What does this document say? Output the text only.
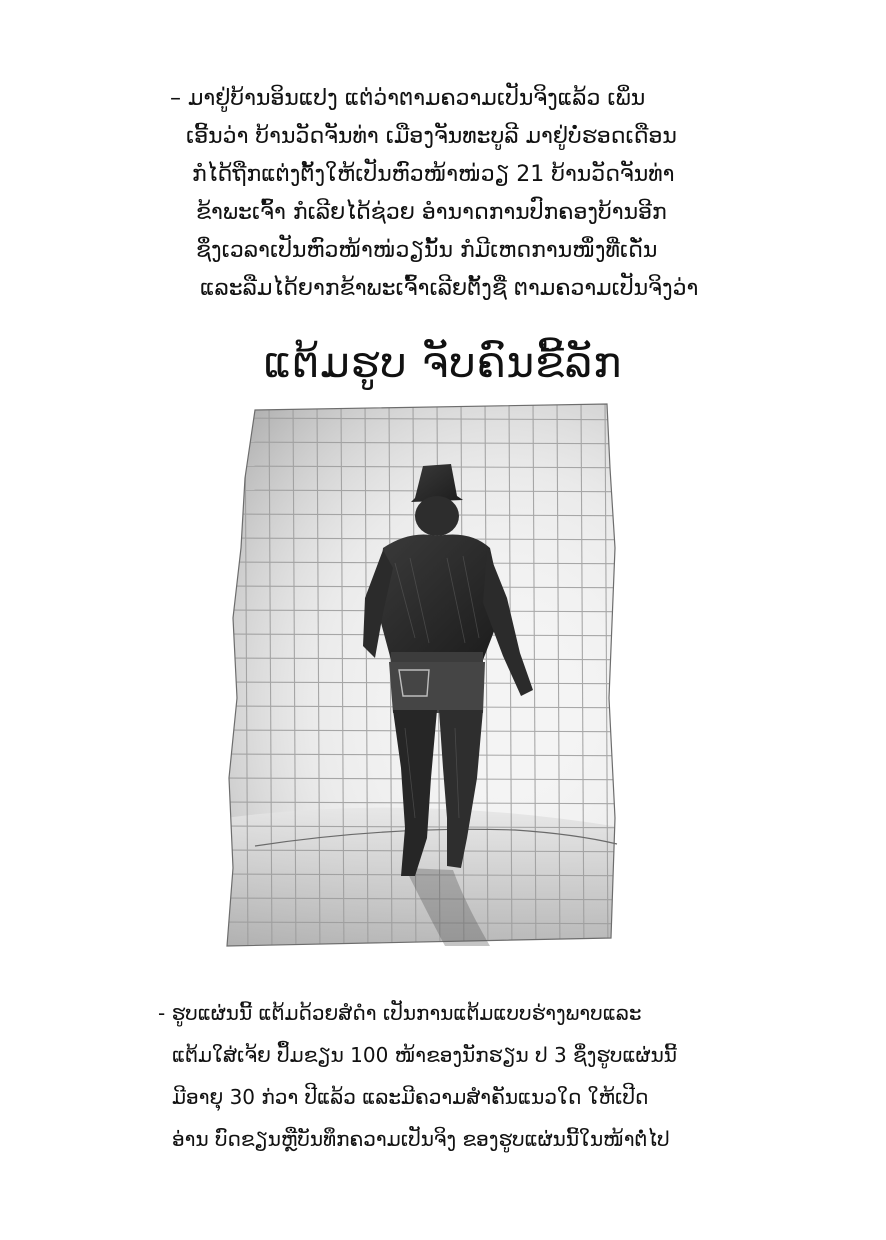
– ມາຢູ່ບ້ານອິນແປງ ແຕ່ວ່າຕາມຄວາມເປັນຈິງແລ້ວ ເພິ່ນ
ເອີ້ນວ່າ ບ້ານວັດຈັນທ່າ ເມືອງຈັນທະບູລີ ມາຢູ່ບໍ່ຮອດເດືອນ
ກໍໄດ້ຖືກແຕ່ງຕັ້ງໃຫ້ເປັນຫົວໜ້າໜ່ວຽ 21 ບ້ານວັດຈັນທ່າ
ຂ້າພະເຈົ້າ ກໍເລີຍໄດ້ຊ່ວຍ ອຳນາດການປົກຄອງບ້ານອີກ
ຊຶ່ງເວລາເປັນຫົວໜ້າໜ່ວຽນັ້ນ ກໍມີເຫດການໜຶ່ງທີ່ເດັ່ນ
ແລະລືມໄດ້ຍາກຂ້າພະເຈົ້າເລີຍຕັ້ງຊື່ ຕາມຄວາມເປັນຈິງວ່າ
ແຕ້ມຮູບ ຈັບຄົນຂີ້ລັກ
- ຮູບແຜ່ນນີ້ ແຕ້ມດ້ວຍສໍດຳ ເປັນການແຕ້ມແບບຮ່າງພາບແລະ
ແຕ້ມໃສ່ເຈ້ຍ ປຶ້ມຂຽນ 100 ໜ້າຂອງນັກຮຽນ ປ 3 ຊຶ່ງຮູບແຜ່ນນີ້
ມີອາຍຸ 30 ກ່ວາ ປີແລ້ວ ແລະມີຄວາມສຳຄັນແນວໃດ ໃຫ້ເປີດ
ອ່ານ ບົດຂຽນຫຼືບັນທຶກຄວາມເປັນຈິງ ຂອງຮູບແຜ່ນນີ້ໃນໜ້າຕໍ່ໄປ
